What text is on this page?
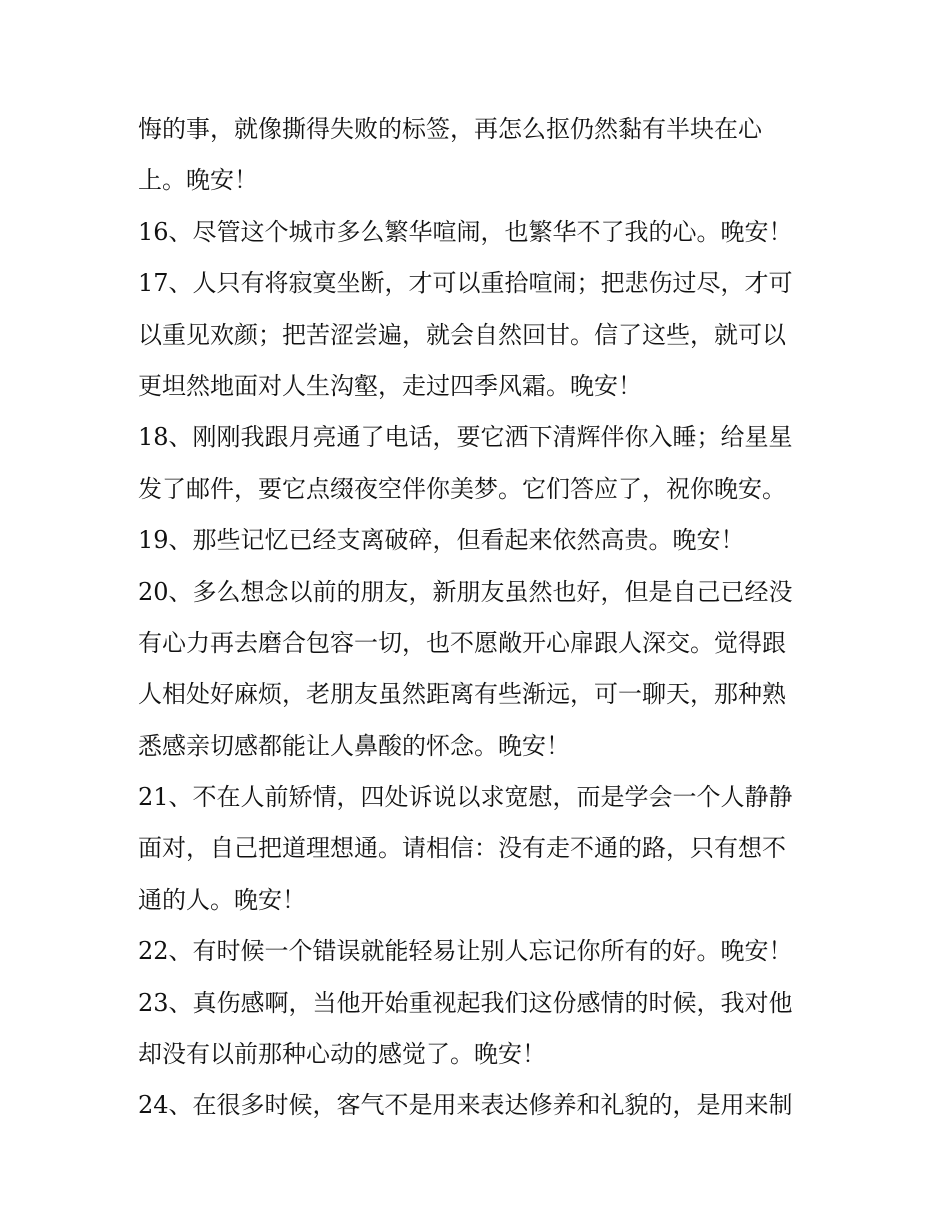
悔的事，就像撕得失败的标签，再怎么抠仍然黏有半块在心
上。晚安！
16、尽管这个城市多么繁华喧闹，也繁华不了我的心。晚安！
17、人只有将寂寞坐断，才可以重拾喧闹；把悲伤过尽，才可
以重见欢颜；把苦涩尝遍，就会自然回甘。信了这些，就可以
更坦然地面对人生沟壑，走过四季风霜。晚安！
18、刚刚我跟月亮通了电话，要它洒下清辉伴你入睡；给星星
发了邮件，要它点缀夜空伴你美梦。它们答应了，祝你晚安。
19、那些记忆已经支离破碎，但看起来依然高贵。晚安！
20、多么想念以前的朋友，新朋友虽然也好，但是自己已经没
有心力再去磨合包容一切，也不愿敞开心扉跟人深交。觉得跟
人相处好麻烦，老朋友虽然距离有些渐远，可一聊天，那种熟
悉感亲切感都能让人鼻酸的怀念。晚安！
21、不在人前矫情，四处诉说以求宽慰，而是学会一个人静静
面对，自己把道理想通。请相信：没有走不通的路，只有想不
通的人。晚安！
22、有时候一个错误就能轻易让别人忘记你所有的好。晚安！
23、真伤感啊，当他开始重视起我们这份感情的时候，我对他
却没有以前那种心动的感觉了。晚安！
24、在很多时候，客气不是用来表达修养和礼貌的，是用来制
